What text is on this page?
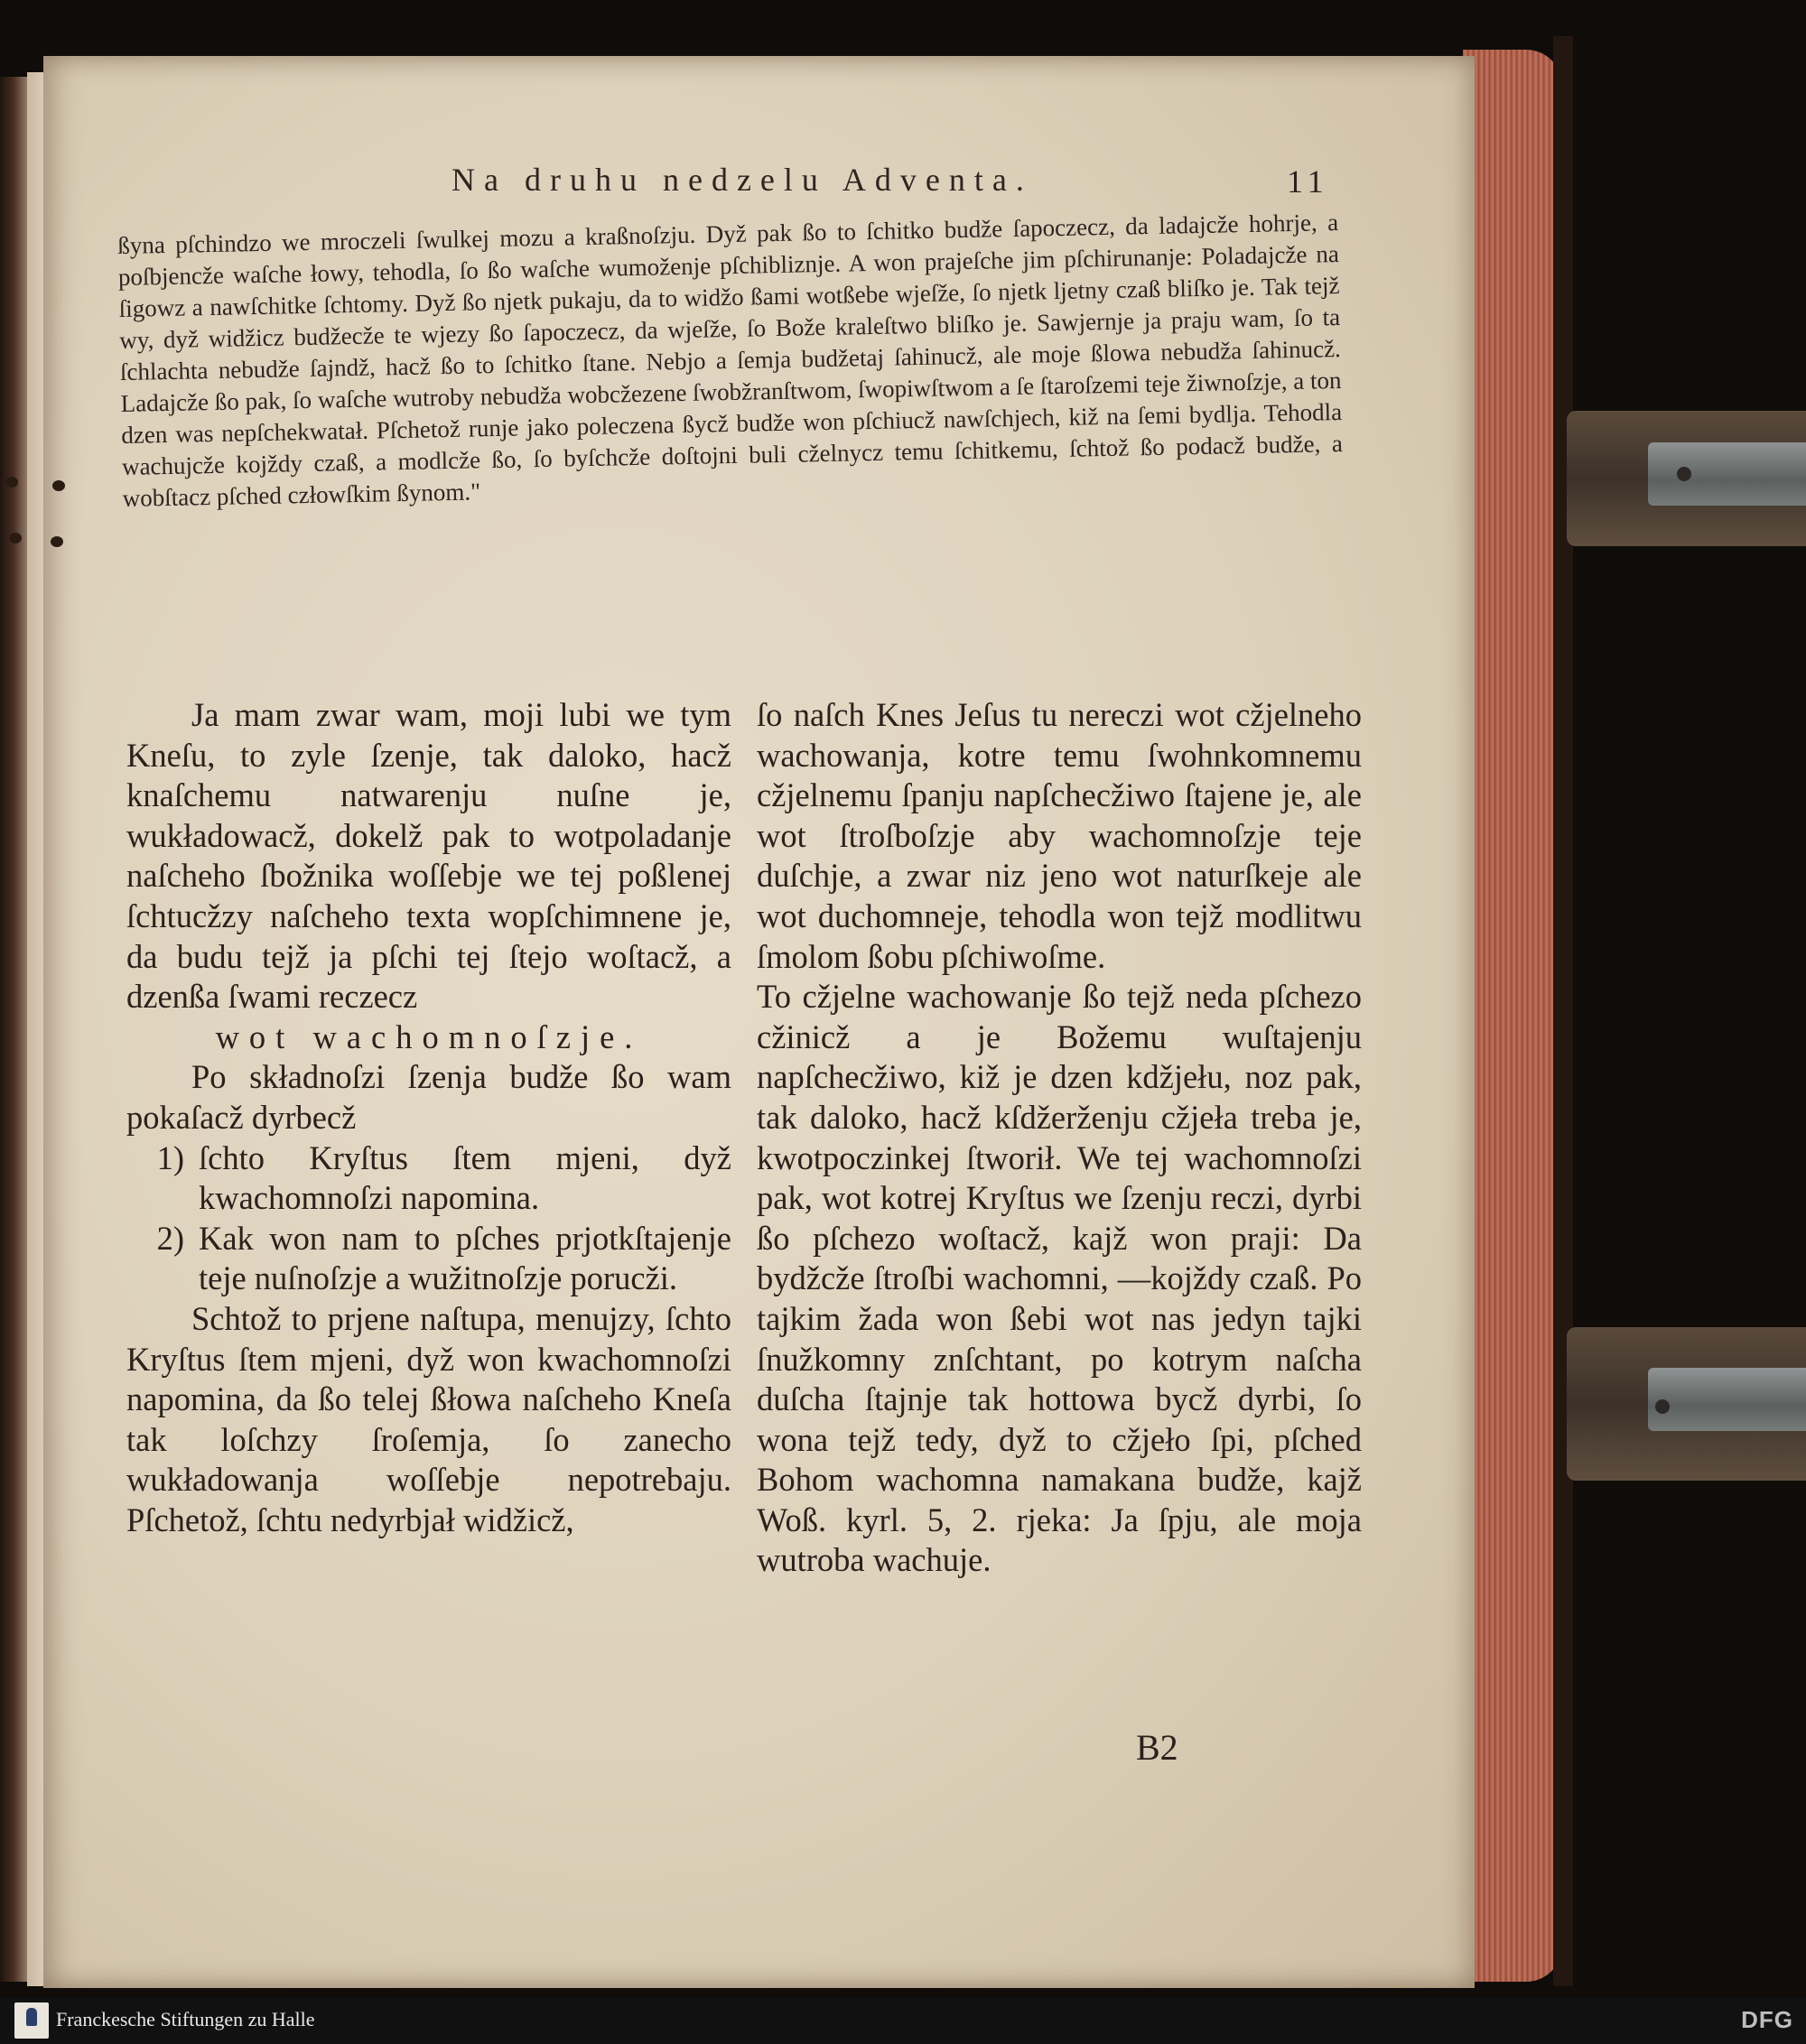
Na druhu nedzelu Adventa.	11

ßyna pſchindzo we mroczeli ſwulkej mozu a kraßnoſzju. Dyž pak ßo to ſchitko budže ſapoczecz, da ladajcže hohrje, a poſbjencže waſche łowy, tehodla, ſo ßo waſche wumoženje pſchibliznje. A won prajeſche jim pſchirunanje: Poladajcže na ſigowz a nawſchitke ſchtomy. Dyž ßo njetk pukaju, da to widžo ßami wotßebe wjeſže, ſo njetk ljetny czaß bliſko je. Tak tejž wy, dyž widžicz budžecže te wjezy ßo ſapoczecz, da wjeſže, ſo Bože kraleſtwo bliſko je. Sawjernje ja praju wam, ſo ta ſchlachta nebudže ſajndž, hacž ßo to ſchitko ſtane. Nebjo a ſemja budžetaj ſahinucž, ale moje ßlowa nebudža ſahinucž. Ladajcže ßo pak, ſo waſche wutroby nebudža wobcžezene ſwobžranſtwom, ſwopiwſtwom a ſe ſtaroſzemi teje žiwnoſzje, a ton dzen was nepſchekwatał. Pſchetož runje jako poleczena ßycž budže won pſchiucž nawſchjech, kiž na ſemi bydlja. Tehodla wachujcže kojždy czaß, a modlcže ßo, ſo byſchcže doſtojni buli cželnycz temu ſchitkemu, ſchtož ßo podacž budže, a wobſtacz pſched człowſkim ßynom."

Ja mam zwar wam, moji lubi we tym Kneſu, to zyle ſzenje, tak daloko, hacž knaſchemu natwarenju nuſne je, wukładowacž, dokelž pak to wotpoladanje naſcheho ſbožnika woſſebje we tej poßlenej ſchtucžzy naſcheho texta wopſchimnene je, da budu tejž ja pſchi tej ſtejo woſtacž, a dzenßa ſwami reczecz

wot wachomnoſzje.

Po składnoſzi ſzenja budže ßo wam pokaſacž dyrbecž

1) ſchto Kryſtus ſtem mjeni, dyž kwachomnoſzi napomina.
2) Kak won nam to pſches prjotkſtajenje teje nuſnoſzje a wužitnoſzje porucži.

Schtož to prjene naſtupa, menujzy, ſchto Kryſtus ſtem mjeni, dyž won kwachomnoſzi napomina, da ßo telej ßłowa naſcheho Kneſa tak loſchzy ſroſemja, ſo zanecho wukładowanja woſſebje nepotrebaju. Pſchetož, ſchtu nedyrbjał widžicž,

ſo naſch Knes Jeſus tu nereczi wot cžjelneho wachowanja, kotre temu ſwohnkomnemu cžjelnemu ſpanju napſchecžiwo ſtajene je, ale wot ſtroſboſzje aby wachomnoſzje teje duſchje, a zwar niz jeno wot naturſkeje ale wot duchomneje, tehodla won tejž modlitwu ſmolom ßobu pſchiwoſme.

To cžjelne wachowanje ßo tejž neda pſchezo cžinicž a je Božemu wuſtajenju napſchecžiwo, kiž je dzen kdžjełu, noz pak, tak daloko, hacž kſdžerženju cžjeła treba je, kwotpoczinkej ſtworił. We tej wachomnoſzi pak, wot kotrej Kryſtus we ſzenju reczi, dyrbi ßo pſchezo woſtacž, kajž won praji: Da bydžcže ſtroſbi wachomni, —kojždy czaß. Po tajkim žada won ßebi wot nas jedyn tajki ſnužkomny znſchtant, po kotrym naſcha duſcha ſtajnje tak hottowa bycž dyrbi, ſo wona tejž tedy, dyž to cžjeło ſpi, pſched Bohom wachomna namakana budže, kajž Woß. kyrl. 5, 2. rjeka: Ja ſpju, ale moja wutroba wachuje.

B2
Franckesche Stiftungen zu Halle	DFG
